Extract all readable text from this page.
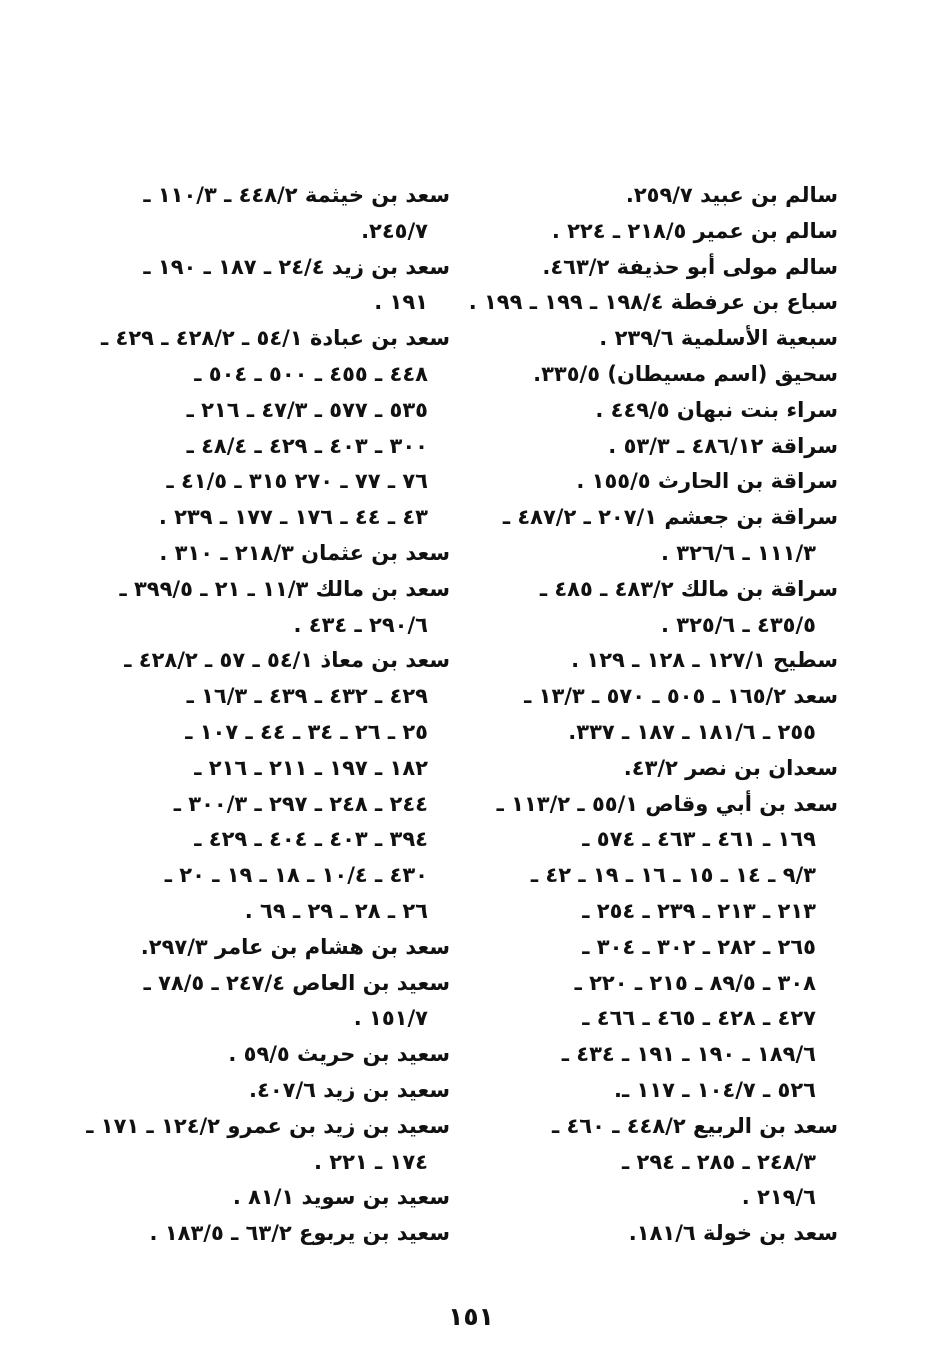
سالم بن عبيد ٢٥٩/٧.
سالم بن عمير ٢١٨/٥ ـ ٢٢٤ .
سالم مولى أبو حذيفة ٤٦٣/٢.
سباع بن عرفطة ١٩٨/٤ ـ ١٩٩ ـ ١٩٩ .
سبعية الأسلمية ٢٣٩/٦ .
سحيق (اسم مسيطان) ٣٣٥/٥.
سراء بنت نبهان ٤٤٩/٥ .
سراقة ٤٨٦/١٢ ـ ٥٣/٣ .
سراقة بن الحارث ١٥٥/٥ .
سراقة بن جعشم ٢٠٧/١ ـ ٤٨٧/٢ ـ
١١١/٣ ـ ٣٢٦/٦ .
سراقة بن مالك ٤٨٣/٢ ـ ٤٨٥ ـ
٤٣٥/٥ ـ ٣٢٥/٦ .
سطيح ١٢٧/١ ـ ١٢٨ ـ ١٢٩ .
سعد ١٦٥/٢ ـ ٥٠٥ ـ ٥٧٠ ـ ١٣/٣ ـ
٢٥٥ ـ ١٨١/٦ ـ ١٨٧ ـ ٣٣٧.
سعدان بن نصر ٤٣/٢.
سعد بن أبي وقاص ٥٥/١ ـ ١١٣/٢ ـ
١٦٩ ـ ٤٦١ ـ ٤٦٣ ـ ٥٧٤ ـ
٩/٣ ـ ١٤ ـ ١٥ ـ ١٦ ـ ١٩ ـ ٤٢ ـ
٢١٣ ـ ٢١٣ ـ ٢٣٩ ـ ٢٥٤ ـ
٢٦٥ ـ ٢٨٢ ـ ٣٠٢ ـ ٣٠٤ ـ
٣٠٨ ـ ٨٩/٥ ـ ٢١٥ ـ ٢٢٠ ـ
٤٢٧ ـ ٤٢٨ ـ ٤٦٥ ـ ٤٦٦ ـ
١٨٩/٦ ـ ١٩٠ ـ ١٩١ ـ ٤٣٤ ـ
٥٢٦ ـ ١٠٤/٧ ـ ١١٧ ـ.
سعد بن الربيع ٤٤٨/٢ ـ ٤٦٠ ـ
٢٤٨/٣ ـ ٢٨٥ ـ ٢٩٤ ـ
٢١٩/٦ .
سعد بن خولة ١٨١/٦.
سعد بن خيثمة ٤٤٨/٢ ـ ١١٠/٣ ـ
٢٤٥/٧.
سعد بن زيد ٢٤/٤ ـ ١٨٧ ـ ١٩٠ ـ
١٩١ .
سعد بن عبادة ٥٤/١ ـ ٤٢٨/٢ ـ ٤٢٩ ـ
٤٤٨ ـ ٤٥٥ ـ ٥٠٠ ـ ٥٠٤ ـ
٥٣٥ ـ ٥٧٧ ـ ٤٧/٣ ـ ٢١٦ ـ
٣٠٠ ـ ٤٠٣ ـ ٤٢٩ ـ ٤٨/٤ ـ
٧٦ ـ ٧٧ ـ ٢٧٠ ٣١٥ ـ ٤١/٥ ـ
٤٣ ـ ٤٤ ـ ١٧٦ ـ ١٧٧ ـ ٢٣٩ .
سعد بن عثمان ٢١٨/٣ ـ ٣١٠ .
سعد بن مالك ١١/٣ ـ ٢١ ـ ٣٩٩/٥ ـ
٢٩٠/٦ ـ ٤٣٤ .
سعد بن معاذ ٥٤/١ ـ ٥٧ ـ ٤٢٨/٢ ـ
٤٢٩ ـ ٤٣٢ ـ ٤٣٩ ـ ١٦/٣ ـ
٢٥ ـ ٢٦ ـ ٣٤ ـ ٤٤ ـ ١٠٧ ـ
١٨٢ ـ ١٩٧ ـ ٢١١ ـ ٢١٦ ـ
٢٤٤ ـ ٢٤٨ ـ ٢٩٧ ـ ٣٠٠/٣ ـ
٣٩٤ ـ ٤٠٣ ـ ٤٠٤ ـ ٤٢٩ ـ
٤٣٠ ـ ١٠/٤ ـ ١٨ ـ ١٩ ـ ٢٠ ـ
٢٦ ـ ٢٨ ـ ٢٩ ـ ٦٩ .
سعد بن هشام بن عامر ٢٩٧/٣.
سعيد بن العاص ٢٤٧/٤ ـ ٧٨/٥ ـ
١٥١/٧ .
سعيد بن حريث ٥٩/٥ .
سعيد بن زيد ٤٠٧/٦.
سعيد بن زيد بن عمرو ١٢٤/٢ ـ ١٧١ ـ
١٧٤ ـ ٢٢١ .
سعيد بن سويد ٨١/١ .
سعيد بن يربوع ٦٣/٢ ـ ١٨٣/٥ .
١٥١
